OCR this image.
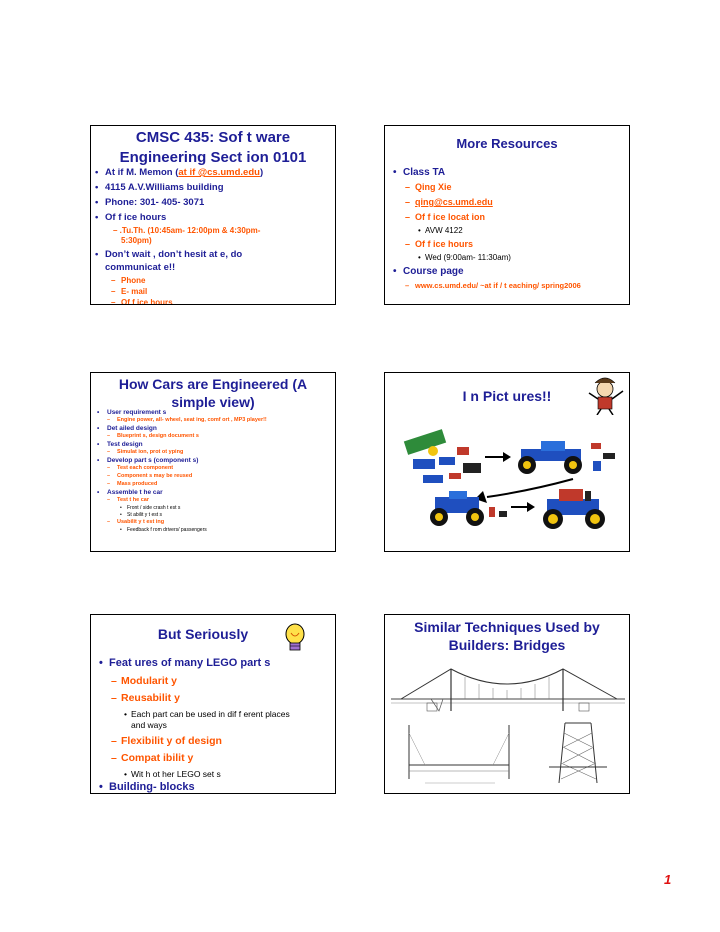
CMSC 435: Sof t ware
Engineering Sect ion 0101
• At if M. Memon (at if @cs.umd.edu)
• 4115 A.V.Williams building
• Phone: 301- 405- 3071
• Of f ice hours
– .Tu.Th. (10:45am- 12:00pm & 4:30pm-
5:30pm)
• Don’t wait , don’t hesit at e, do
communicat e!!
– Phone
– E- mail
– Of f ice hours
More Resources
• Class TA
– Qing Xie
– qing@cs.umd.edu
– Of f ice locat ion
• AVW 4122
– Of f ice hours
• Wed (9:00am- 11:30am)
• Course page
– www.cs.umd.edu/ ~at if / t eaching/ spring2006
How Cars are Engineered (A
simple view)
• User requirement s
– Engine power, all- wheel, seat ing, comf ort , MP3 player!!
• Det ailed design
– Blueprint s, design document s
• Test design
– Simulat ion, prot ot yping
• Develop part s (component s)
– Test each component
– Component s may be reused
– Mass produced
• Assemble t he car
– Test t he car
• Front / side crash t est s
• St abilit y t est s
– Usabilit y t est ing
• Feedback f rom drivers/ passengers
I n Pict ures!!
But Seriously
• Feat ures of many LEGO part s
– Modularit y
– Reusabilit y
• Each part can be used in dif f erent places
and ways
– Flexibilit y of design
– Compat ibilit y
• Wit h ot her LEGO set s
• Building- blocks
Similar Techniques Used by
Builders: Bridges
1
